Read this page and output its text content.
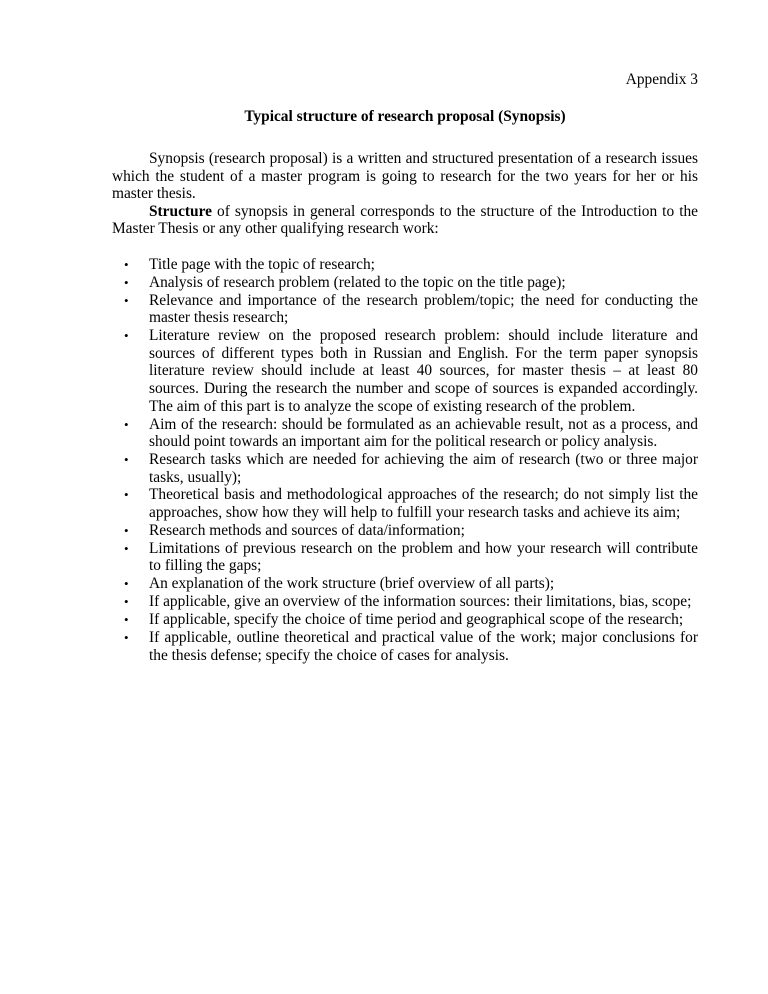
Appendix 3
Typical structure of research proposal (Synopsis)

Synopsis (research proposal) is a written and structured presentation of a research issues which the student of a master program is going to research for the two years for her or his master thesis.

Structure of synopsis in general corresponds to the structure of the Introduction to the Master Thesis or any other qualifying research work:

• Title page with the topic of research;
• Analysis of research problem (related to the topic on the title page);
• Relevance and importance of the research problem/topic; the need for conducting the master thesis research;
• Literature review on the proposed research problem: should include literature and sources of different types both in Russian and English. For the term paper synopsis literature review should include at least 40 sources, for master thesis – at least 80 sources. During the research the number and scope of sources is expanded accordingly. The aim of this part is to analyze the scope of existing research of the problem.
• Aim of the research: should be formulated as an achievable result, not as a process, and should point towards an important aim for the political research or policy analysis.
• Research tasks which are needed for achieving the aim of research (two or three major tasks, usually);
• Theoretical basis and methodological approaches of the research; do not simply list the approaches, show how they will help to fulfill your research tasks and achieve its aim;
• Research methods and sources of data/information;
• Limitations of previous research on the problem and how your research will contribute to filling the gaps;
• An explanation of the work structure (brief overview of all parts);
• If applicable, give an overview of the information sources: their limitations, bias, scope;
• If applicable, specify the choice of time period and geographical scope of the research;
• If applicable, outline theoretical and practical value of the work; major conclusions for the thesis defense; specify the choice of cases for analysis.
